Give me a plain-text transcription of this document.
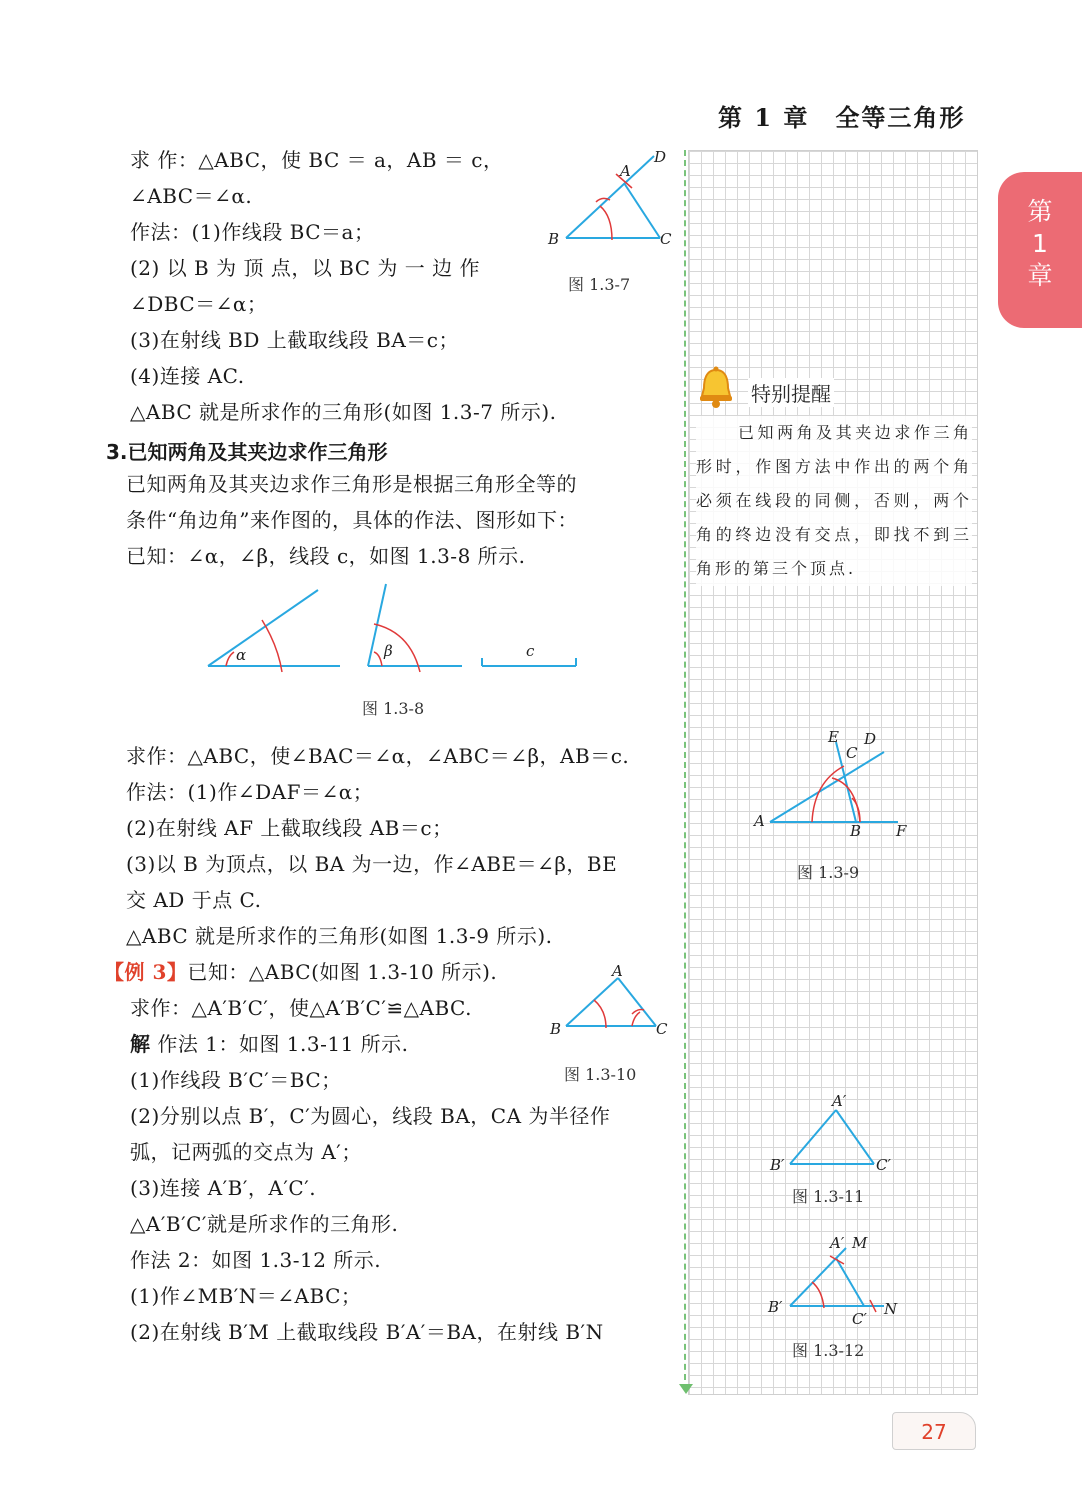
第 1 章　全等三角形
第
1
章
特别提醒
已知两角及其夹边求作三角形时，作图方法中作出的两个角必须在线段的同侧，否则，两个角的终边没有交点，即找不到三角形的第三个顶点.
求 作：△ABC，使 BC ＝ a，AB ＝ c，
∠ABC＝∠α.
作法：(1)作线段 BC＝a；
(2) 以 B 为 顶 点，以 BC 为 一 边 作
∠DBC＝∠α；
(3)在射线 BD 上截取线段 BA＝c；
(4)连接 AC.
△ABC 就是所求作的三角形(如图 1.3-7 所示).
3.已知两角及其夹边求作三角形
已知两角及其夹边求作三角形是根据三角形全等的
条件“角边角”来作图的，具体的作法、图形如下：
已知：∠α，∠β，线段 c，如图 1.3-8 所示.
求作：△ABC，使∠BAC＝∠α，∠ABC＝∠β，AB＝c.
作法：(1)作∠DAF＝∠α；
(2)在射线 AF 上截取线段 AB＝c；
(3)以 B 为顶点，以 BA 为一边，作∠ABE＝∠β，BE
交 AD 于点 C.
△ABC 就是所求作的三角形(如图 1.3-9 所示).
【例 3】已知：△ABC(如图 1.3-10 所示).
求作：△A′B′C′，使△A′B′C′≌△ABC.
解 作法 1：如图 1.3-11 所示.
(1)作线段 B′C′＝BC；
(2)分别以点 B′，C′为圆心，线段 BA，CA 为半径作
弧，记两弧的交点为 A′；
(3)连接 A′B′，A′C′.
△A′B′C′就是所求作的三角形.
作法 2：如图 1.3-12 所示.
(1)作∠MB′N＝∠ABC；
(2)在射线 B′M 上截取线段 B′A′＝BA，在射线 B′N
B	C
A
D
图 1.3-7
α	β	c
图 1.3-8
A
B F
C
E D
图 1.3-9
A
B	C
图 1.3-10
A′
B′	C′
图 1.3-11
A′ M
B′
C′
N
图 1.3-12
27
